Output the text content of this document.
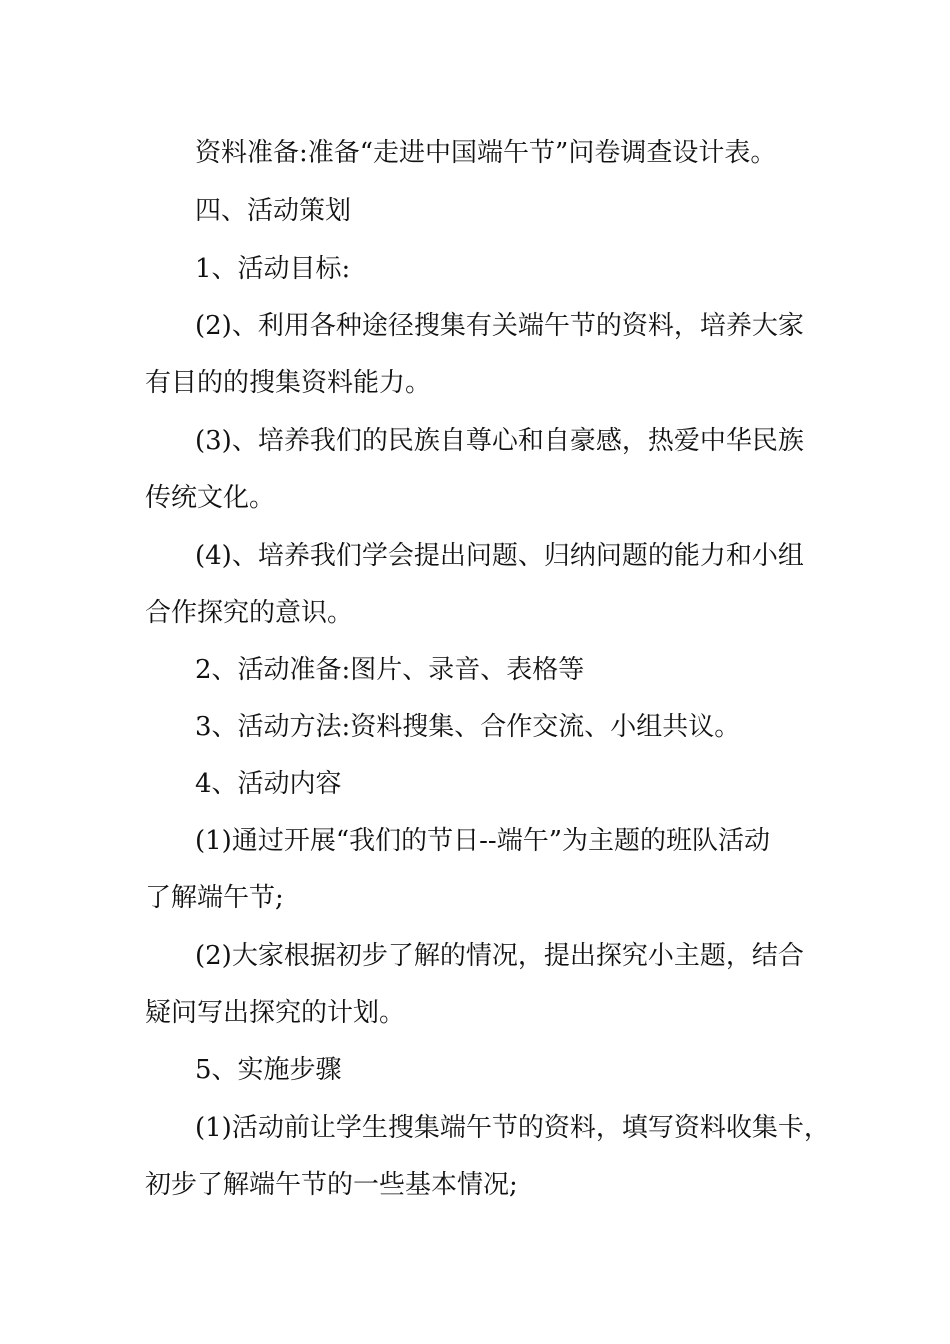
资料准备:准备“走进中国端午节”问卷调查设计表。
四、活动策划
1、活动目标:
(2)、利用各种途径搜集有关端午节的资料，培养大家
有目的的搜集资料能力。
(3)、培养我们的民族自尊心和自豪感，热爱中华民族
传统文化。
(4)、培养我们学会提出问题、归纳问题的能力和小组
合作探究的意识。
2、活动准备:图片、录音、表格等
3、活动方法:资料搜集、合作交流、小组共议。
4、活动内容
(1)通过开展“我们的节日--端午”为主题的班队活动
了解端午节;
(2)大家根据初步了解的情况，提出探究小主题，结合
疑问写出探究的计划。
5、实施步骤
(1)活动前让学生搜集端午节的资料，填写资料收集卡，
初步了解端午节的一些基本情况;
